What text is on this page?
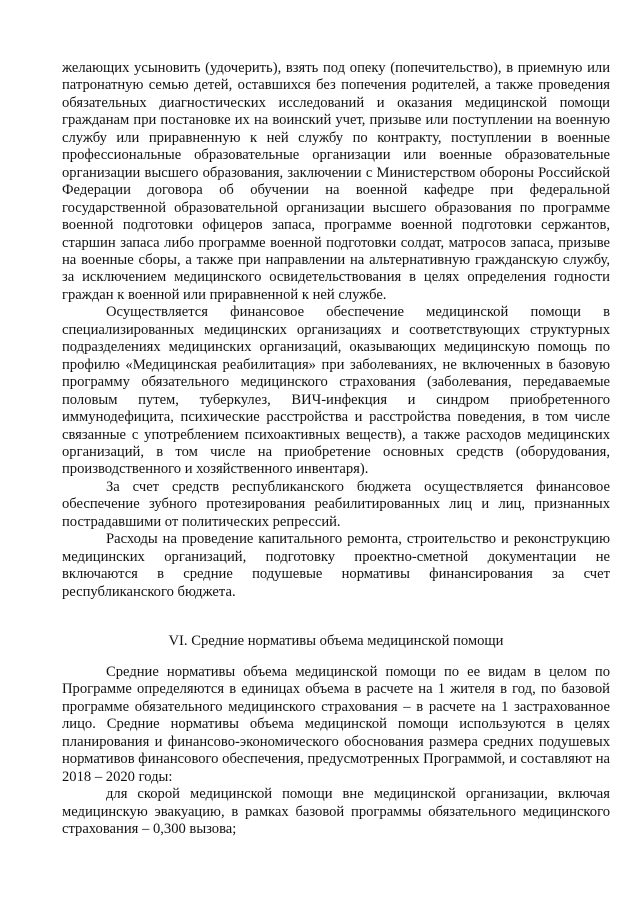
желающих усыновить (удочерить), взять под опеку (попечительство), в приемную или патронатную семью детей, оставшихся без попечения родителей, а также проведения обязательных диагностических исследований и оказания медицинской помощи гражданам при постановке их на воинский учет, призыве или поступлении на военную службу или приравненную к ней службу по контракту, поступлении в военные профессиональные образовательные организации или военные образовательные организации высшего образования, заключении с Министерством обороны Российской Федерации договора об обучении на военной кафедре при федеральной государственной образовательной организации высшего образования по программе военной подготовки офицеров запаса, программе военной подготовки сержантов, старшин запаса либо программе военной подготовки солдат, матросов запаса, призыве на военные сборы, а также при направлении на альтернативную гражданскую службу, за исключением медицинского освидетельствования в целях определения годности граждан к военной или приравненной к ней службе.

Осуществляется финансовое обеспечение медицинской помощи в специализированных медицинских организациях и соответствующих структурных подразделениях медицинских организаций, оказывающих медицинскую помощь по профилю «Медицинская реабилитация» при заболеваниях, не включенных в базовую программу обязательного медицинского страхования (заболевания, передаваемые половым путем, туберкулез, ВИЧ-инфекция и синдром приобретенного иммунодефицита, психические расстройства и расстройства поведения, в том числе связанные с употреблением психоактивных веществ), а также расходов медицинских организаций, в том числе на приобретение основных средств (оборудования, производственного и хозяйственного инвентаря).

За счет средств республиканского бюджета осуществляется финансовое обеспечение зубного протезирования реабилитированных лиц и лиц, признанных пострадавшими от политических репрессий.

Расходы на проведение капитального ремонта, строительство и реконструкцию медицинских организаций, подготовку проектно-сметной документации не включаются в средние подушевые нормативы финансирования за счет республиканского бюджета.

VI. Средние нормативы объема медицинской помощи

Средние нормативы объема медицинской помощи по ее видам в целом по Программе определяются в единицах объема в расчете на 1 жителя в год, по базовой программе обязательного медицинского страхования – в расчете на 1 застрахованное лицо. Средние нормативы объема медицинской помощи используются в целях планирования и финансово-экономического обоснования размера средних подушевых нормативов финансового обеспечения, предусмотренных Программой, и составляют на 2018 – 2020 годы:

для скорой медицинской помощи вне медицинской организации, включая медицинскую эвакуацию, в рамках базовой программы обязательного медицинского страхования – 0,300 вызова;
